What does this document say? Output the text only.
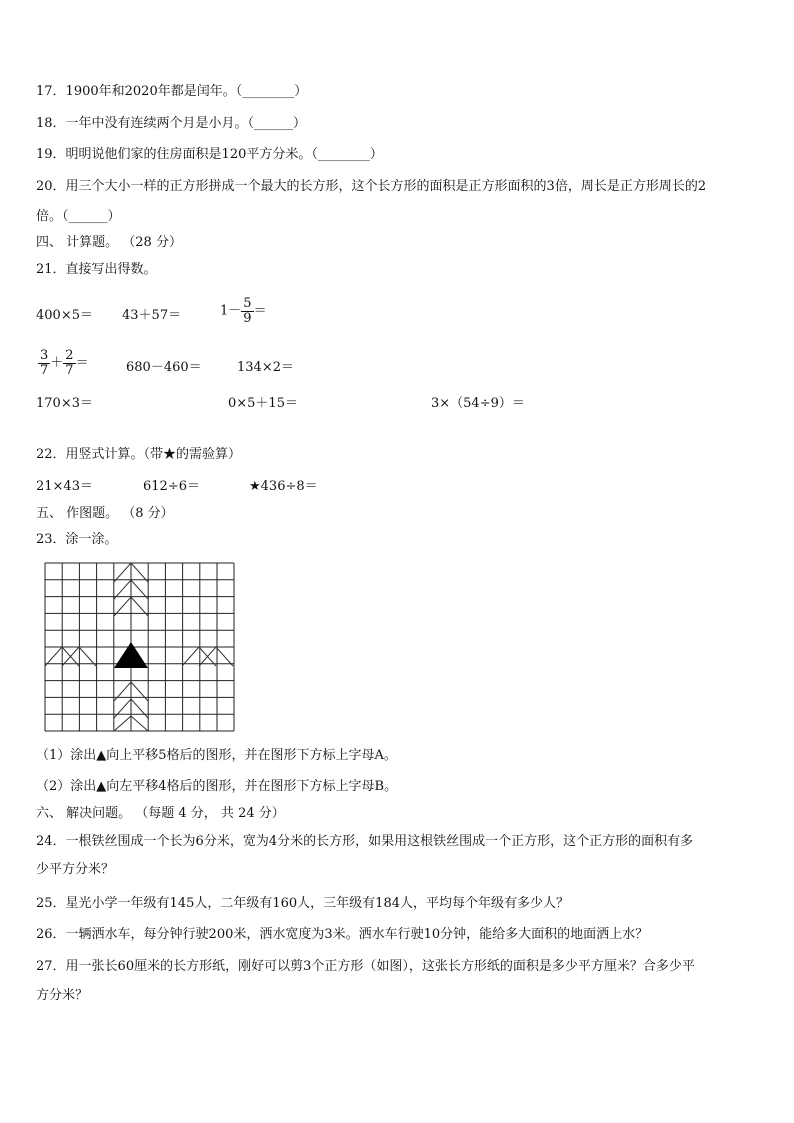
17．1900年和2020年都是闰年。（________）
18．一年中没有连续两个月是小月。（______）
19．明明说他们家的住房面积是120平方分米。（________）
20．用三个大小一样的正方形拼成一个最大的长方形，这个长方形的面积是正方形面积的3倍，周长是正方形周长的2
倍。（______）
四、 计算题。 （28 分）
21．直接写出得数。
400×5＝ 43＋57＝	$1- \frac{5}{9}$ ＝
$\frac{3}{7} + \frac{2}{7}$ ＝	680－460＝	134×2＝
170×3＝	0×5＋15＝	3×（54÷9）＝
22．用竖式计算。（带★的需验算）
21×43＝	612÷6＝	★436÷8＝
五、 作图题。 （8 分）
23．涂一涂。
（1）涂出▲向上平移5格后的图形，并在图形下方标上字母A。
（2）涂出▲向左平移4格后的图形，并在图形下方标上字母B。
六、 解决问题。 （每题 4 分， 共 24 分）
24．一根铁丝围成一个长为6分米，宽为4分米的长方形，如果用这根铁丝围成一个正方形，这个正方形的面积有多
少平方分米？
25．星光小学一年级有145人，二年级有160人，三年级有184人，平均每个年级有多少人？
26．一辆洒水车，每分钟行驶200米，洒水宽度为3米。洒水车行驶10分钟，能给多大面积的地面洒上水？
27．用一张长60厘米的长方形纸，刚好可以剪3个正方形（如图），这张长方形纸的面积是多少平方厘米？合多少平
方分米？
